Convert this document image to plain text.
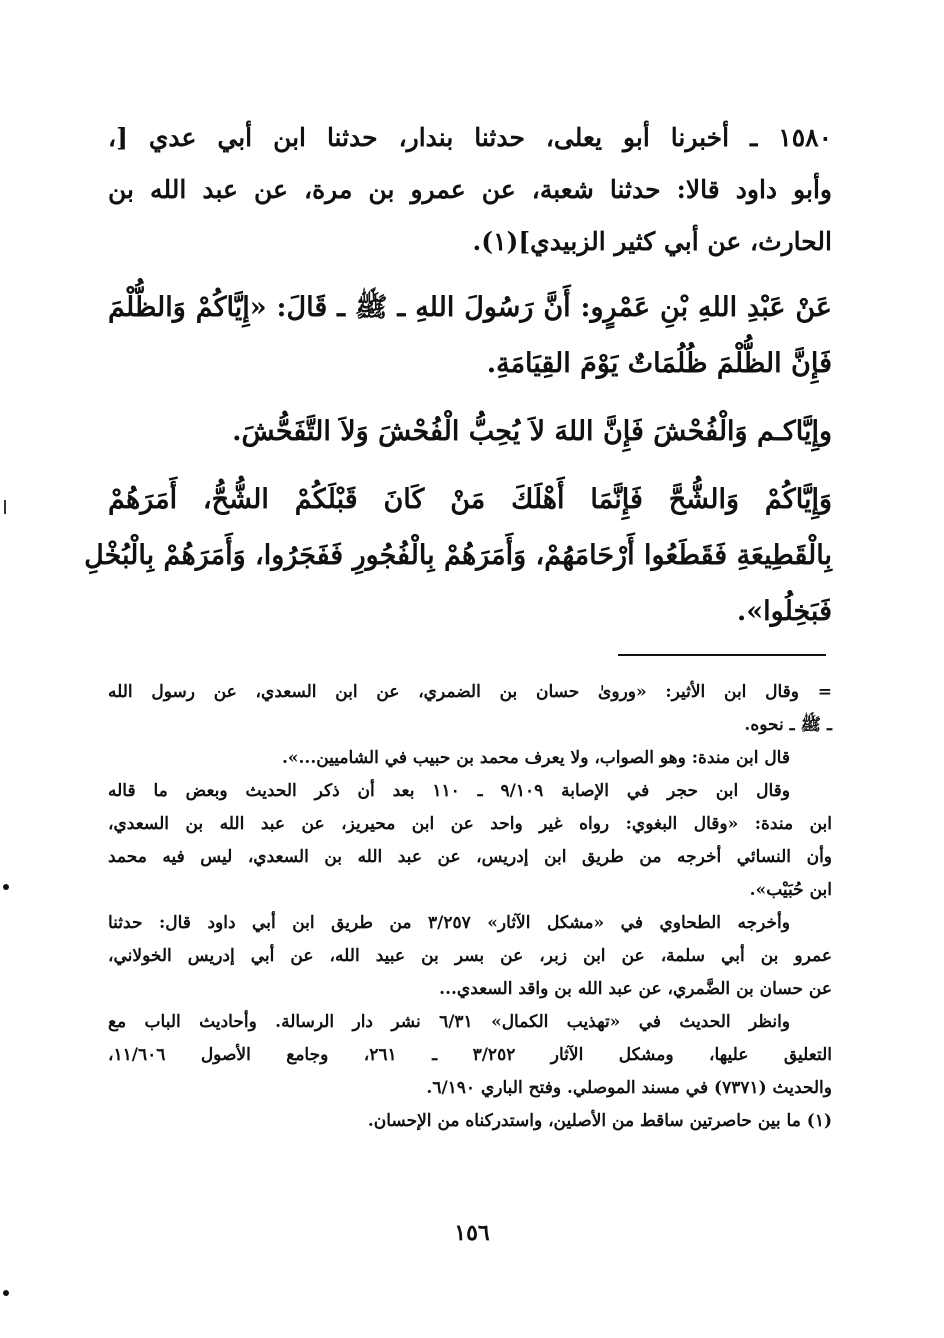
١٥٨٠ ـ أخبرنا أبو يعلى، حدثنا بندار، حدثنا ابن أبي عدي [،
وأبو داود قالا: حدثنا شعبة، عن عمرو بن مرة، عن عبد الله بن
الحارث، عن أبي كثير الزبيدي](١).
عَنْ عَبْدِ اللهِ بْنِ عَمْرٍو: أَنَّ رَسُولَ اللهِ ـ ﷺ ـ قَالَ: «إِيَّاكُمْ وَالظُّلْمَ
فَإِنَّ الظُّلْمَ ظُلُمَاتٌ يَوْمَ القِيَامَةِ.
وإِيَّاكـم وَالْفُحْشَ فَإِنَّ اللهَ لاَ يُحِبُّ الْفُحْشَ وَلاَ التَّفَحُّشَ.
وَإِيَّاكُمْ وَالشُّحَّ فَإِنَّمَا أَهْلَكَ مَنْ كَانَ قَبْلَكُمْ الشُّحُّ، أَمَرَهُمْ
بِالْقَطِيعَةِ فَقَطَعُوا أَرْحَامَهُمْ، وَأَمَرَهُمْ بِالْفُجُورِ فَفَجَرُوا، وَأَمَرَهُمْ بِالْبُخْلِ
فَبَخِلُوا».
= وقال ابن الأثير: «وروىٰ حسان بن الضمري، عن ابن السعدي، عن رسول الله
ـ ﷺ ـ نحوه.
قال ابن مندة: وهو الصواب، ولا يعرف محمد بن حبيب في الشاميين...».
وقال ابن حجر في الإصابة ٩/١٠٩ ـ ١١٠ بعد أن ذكر الحديث وبعض ما قاله
ابن مندة: «وقال البغوي: رواه غير واحد عن ابن محيريز، عن عبد الله بن السعدي،
وأن النسائي أخرجه من طريق ابن إدريس، عن عبد الله بن السعدي، ليس فيه محمد
ابن حُبَيْب».
وأخرجه الطحاوي في «مشكل الآثار» ٣/٢٥٧ من طريق ابن أبي داود قال: حدثنا
عمرو بن أبي سلمة، عن ابن زبر، عن بسر بن عبيد الله، عن أبي إدريس الخولاني،
عن حسان بن الضَّمري، عن عبد الله بن واقد السعدي...
وانظر الحديث في «تهذيب الكمال» ٦/٣١ نشر دار الرسالة. وأحاديث الباب مع
التعليق عليها، ومشكل الآثار ٣/٢٥٢ ـ ٢٦١، وجامع الأصول ١١/٦٠٦،
والحديث (٧٣٧١) في مسند الموصلي. وفتح الباري ٦/١٩٠.
(١) ما بين حاصرتين ساقط من الأصلين، واستدركناه من الإحسان.
١٥٦
